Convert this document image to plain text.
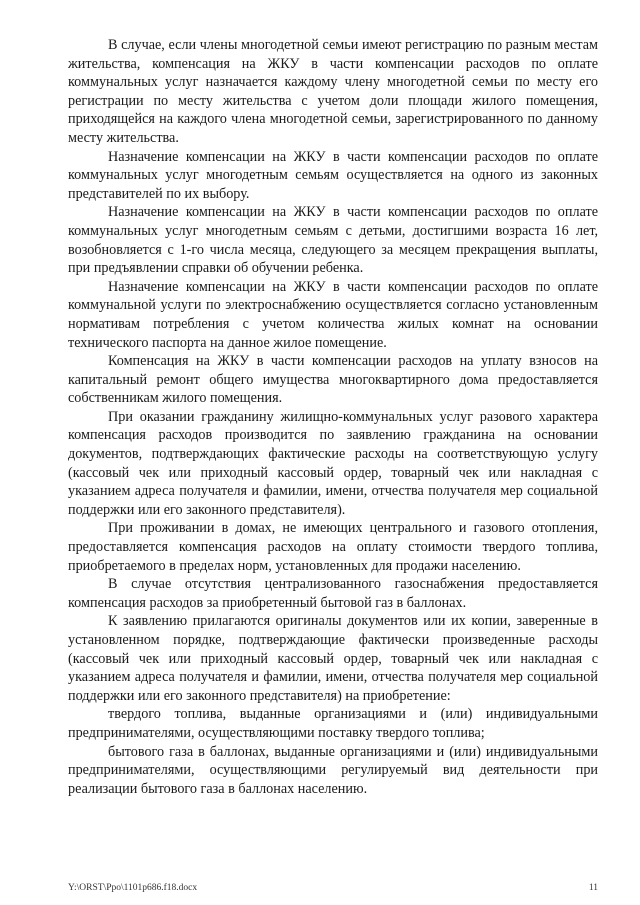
В случае, если члены многодетной семьи имеют регистрацию по разным местам жительства, компенсация на ЖКУ в части компенсации расходов по оплате коммунальных услуг назначается каждому члену многодетной семьи по месту его регистрации по месту жительства с учетом доли площади жилого помещения, приходящейся на каждого члена многодетной семьи, зарегистрированного по данному месту жительства.

Назначение компенсации на ЖКУ в части компенсации расходов по оплате коммунальных услуг многодетным семьям осуществляется на одного из законных представителей по их выбору.

Назначение компенсации на ЖКУ в части компенсации расходов по оплате коммунальных услуг многодетным семьям с детьми, достигшими возраста 16 лет, возобновляется с 1-го числа месяца, следующего за месяцем прекращения выплаты, при предъявлении справки об обучении ребенка.

Назначение компенсации на ЖКУ в части компенсации расходов по оплате коммунальной услуги по электроснабжению осуществляется согласно установленным нормативам потребления с учетом количества жилых комнат на основании технического паспорта на данное жилое помещение.

Компенсация на ЖКУ в части компенсации расходов на уплату взносов на капитальный ремонт общего имущества многоквартирного дома предоставляется собственникам жилого помещения.

При оказании гражданину жилищно-коммунальных услуг разового характера компенсация расходов производится по заявлению гражданина на основании документов, подтверждающих фактические расходы на соответствующую услугу (кассовый чек или приходный кассовый ордер, товарный чек или накладная с указанием адреса получателя и фамилии, имени, отчества получателя мер социальной поддержки или его законного представителя).

При проживании в домах, не имеющих центрального и газового отопления, предоставляется компенсация расходов на оплату стоимости твердого топлива, приобретаемого в пределах норм, установленных для продажи населению.

В случае отсутствия централизованного газоснабжения предоставляется компенсация расходов за приобретенный бытовой газ в баллонах.

К заявлению прилагаются оригиналы документов или их копии, заверенные в установленном порядке, подтверждающие фактически произведенные расходы (кассовый чек или приходный кассовый ордер, товарный чек или накладная с указанием адреса получателя и фамилии, имени, отчества получателя мер социальной поддержки или его законного представителя) на приобретение:

твердого топлива, выданные организациями и (или) индивидуальными предпринимателями, осуществляющими поставку твердого топлива;

бытового газа в баллонах, выданные организациями и (или) индивидуальными предпринимателями, осуществляющими регулируемый вид деятельности при реализации бытового газа в баллонах населению.

Y:\ORST\Ppo\1101p686.f18.docx	11
